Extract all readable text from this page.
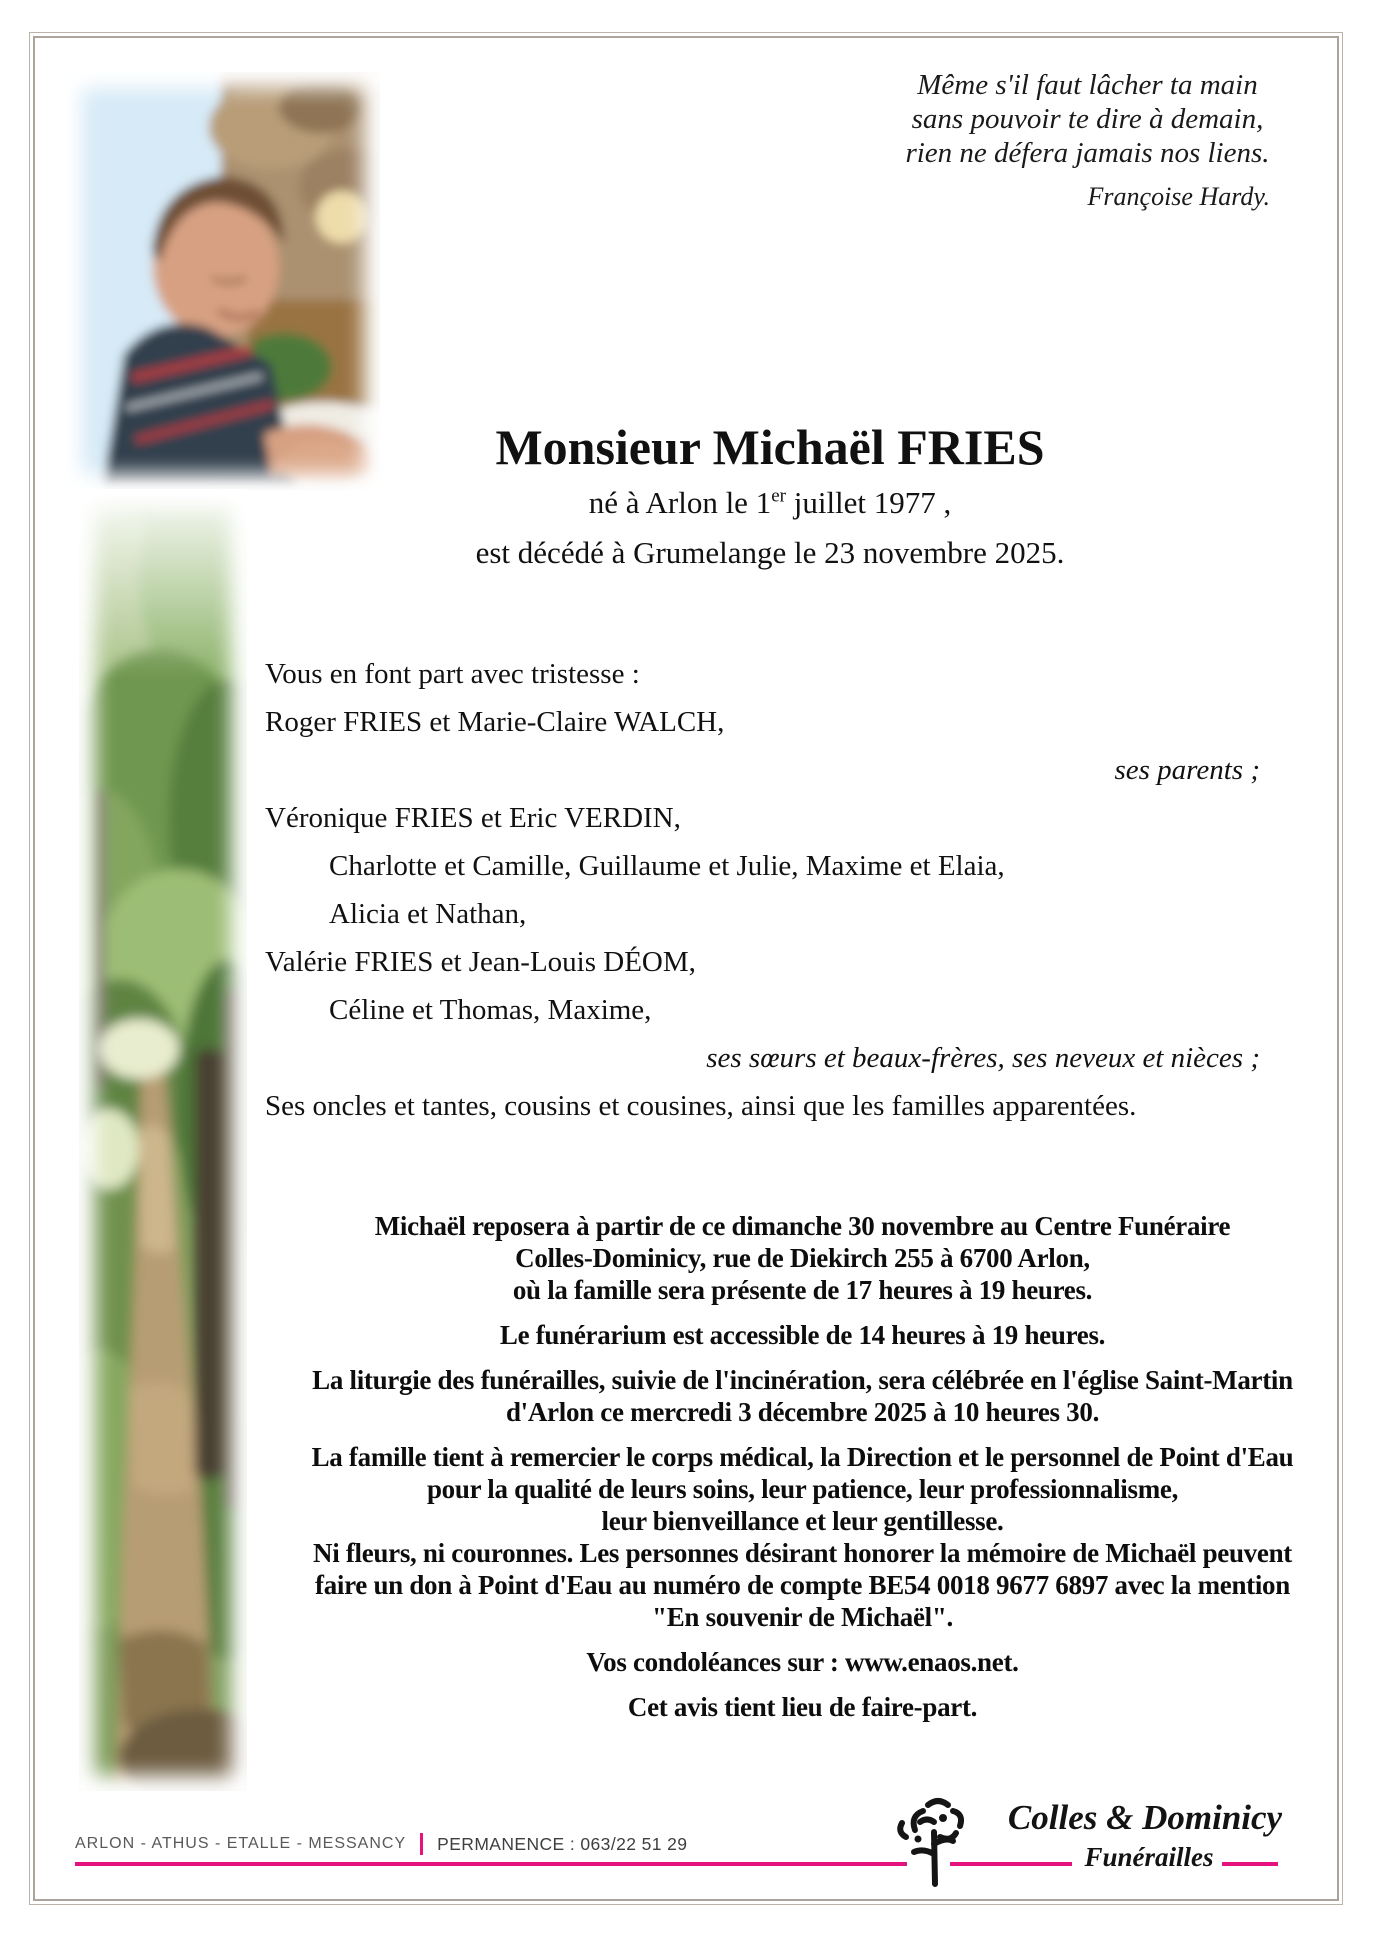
Même s'il faut lâcher ta main
sans pouvoir te dire à demain,
rien ne défera jamais nos liens.
Françoise Hardy.
Monsieur Michaël FRIES
né à Arlon le 1er juillet 1977 ,
est décédé à Grumelange le 23 novembre 2025.
Vous en font part avec tristesse :
Roger FRIES et Marie-Claire WALCH,
ses parents ;
Véronique FRIES et Eric VERDIN,
Charlotte et Camille, Guillaume et Julie, Maxime et Elaia,
Alicia et Nathan,
Valérie FRIES et Jean-Louis DÉOM,
Céline et Thomas, Maxime,
ses sœurs et beaux-frères, ses neveux et nièces ;
Ses oncles et tantes, cousins et cousines, ainsi que les familles apparentées.
Michaël reposera à partir de ce dimanche 30 novembre au Centre Funéraire
Colles-Dominicy, rue de Diekirch 255 à 6700 Arlon,
où la famille sera présente de 17 heures à 19 heures.
Le funérarium est accessible de 14 heures à 19 heures.
La liturgie des funérailles, suivie de l'incinération, sera célébrée en l'église Saint-Martin
d'Arlon ce mercredi 3 décembre 2025 à 10 heures 30.
La famille tient à remercier le corps médical, la Direction et le personnel de Point d'Eau
pour la qualité de leurs soins, leur patience, leur professionnalisme,
leur bienveillance et leur gentillesse.
Ni fleurs, ni couronnes. Les personnes désirant honorer la mémoire de Michaël peuvent
faire un don à Point d'Eau au numéro de compte BE54 0018 9677 6897 avec la mention
"En souvenir de Michaël".
Vos condoléances sur : www.enaos.net.
Cet avis tient lieu de faire-part.
ARLON - ATHUS - ETALLE - MESSANCY PERMANENCE : 063/22 51 29
Colles & Dominicy
Funérailles
